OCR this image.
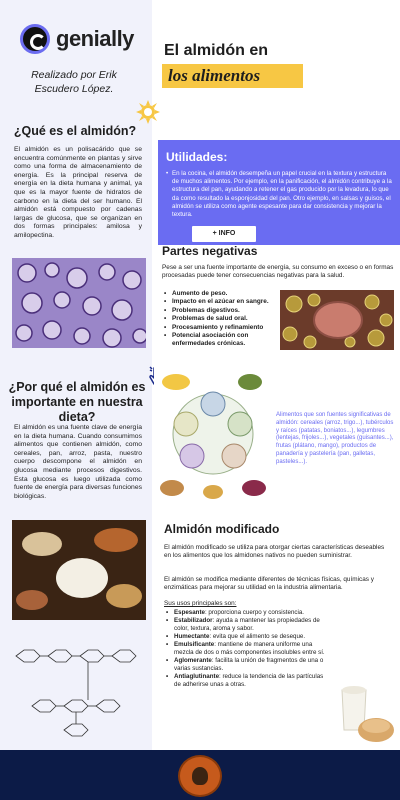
genially
Realizado por Erik Escudero López.
El almidón en
los alimentos
¿Qué es el almidón?
El almidón es un polisacárido que se encuentra comúnmente en plantas y sirve como una forma de almacenamiento de energía. Es la principal reserva de energía en la dieta humana y animal, ya que es la mayor fuente de hidratos de carbono en la dieta del ser humano. El almidón está compuesto por cadenas largas de glucosa, que se organizan en dos formas principales: amilosa y amilopectina.
Utilidades:
• En la cocina, el almidón desempeña un papel crucial en la textura y estructura de muchos alimentos. Por ejemplo, en la panificación, el almidón contribuye a la estructura del pan, ayudando a retener el gas producido por la levadura, lo que da como resultado la esponjosidad del pan. Otro ejemplo, en salsas y guisos, el almidón se utiliza como agente espesante para dar consistencia y mejorar la textura.
+ INFO
Partes negativas
Pese a ser una fuente importante de energía, su consumo en exceso o en formas procesadas puede tener consecuencias negativas para la salud.
• Aumento de peso.
• Impacto en el azúcar en sangre.
• Problemas digestivos.
• Problemas de salud oral.
• Procesamiento y refinamiento
• Potencial asociación con enfermedades crónicas.
¿Por qué el almidón es importante en nuestra dieta?
El almidón es una fuente clave de energía en la dieta humana. Cuando consumimos alimentos que contienen almidón, como cereales, pan, arroz, pasta, nuestro cuerpo descompone el almidón en glucosa mediante procesos digestivos. Esta glucosa es luego utilizada como fuente de energía para diversas funciones biológicas.
Alimentos que son fuentes significativas de almidón: cereales (arroz, trigo...), tubérculos y raíces (patatas, boniatos...), legumbres (lentejas, frijoles...), vegetales (guisantes...), frutas (plátano, mango), productos de panadería y pastelería (pan, galletas, pasteles...).
Almidón modificado
El almidón modificado se utiliza para otorgar ciertas características deseables en los alimentos que los almidones nativos no pueden suministrar.
El almidón se modifica mediante diferentes de técnicas físicas, químicas y enzimáticas para mejorar su utilidad en la industria alimentaria.
Sus usos principales son:
• Espesante: proporciona cuerpo y consistencia.
• Estabilizador: ayuda a mantener las propiedades de color, textura, aroma y sabor.
• Humectante: evita que el alimento se deseque.
• Emulsificante: mantiene de manera uniforme una mezcla de dos o más componentes insolubles entre sí.
• Aglomerante: facilita la unión de fragmentos de una o varias sustancias.
• Antiaglutinante: reduce la tendencia de las partículas de adherirse unas a otras.
